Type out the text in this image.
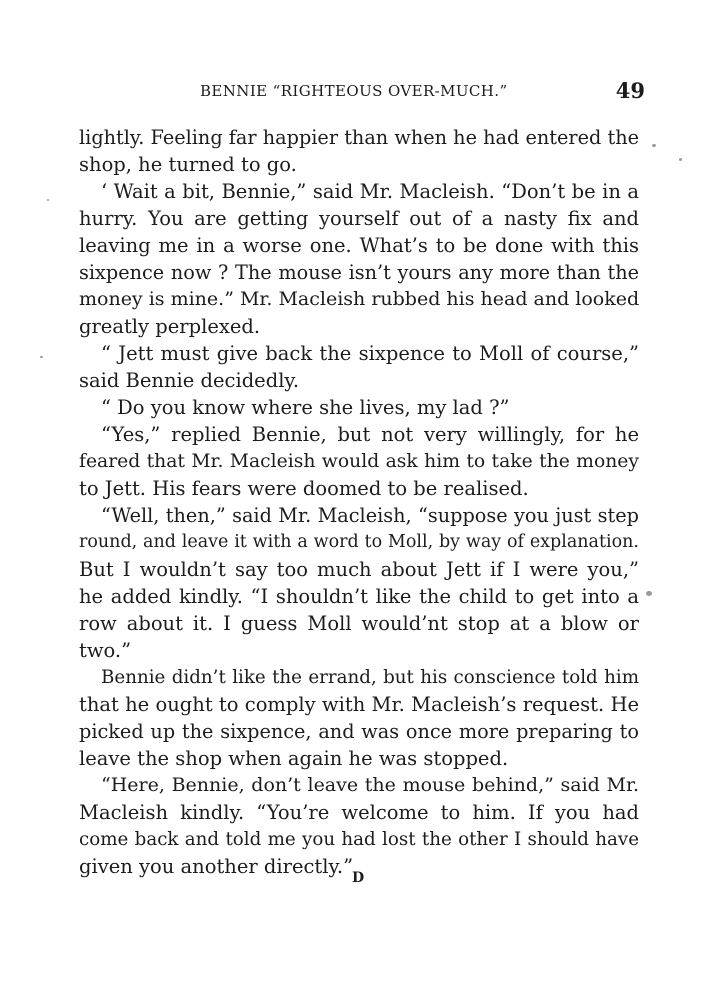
BENNIE “RIGHTEOUS OVER-MUCH.”	49
lightly. Feeling far happier than when he had entered the
shop, he turned to go.
‘ Wait a bit, Bennie,” said Mr. Macleish. “Don’t be in a
hurry. You are getting yourself out of a nasty fix and
leaving me in a worse one. What’s to be done with this
sixpence now ? The mouse isn’t yours any more than the
money is mine.” Mr. Macleish rubbed his head and looked
greatly perplexed.
“ Jett must give back the sixpence to Moll of course,”
said Bennie decidedly.
“ Do you know where she lives, my lad ?”
“Yes,” replied Bennie, but not very willingly, for he
feared that Mr. Macleish would ask him to take the money
to Jett. His fears were doomed to be realised.
“Well, then,” said Mr. Macleish, “suppose you just step
round, and leave it with a word to Moll, by way of explanation.
But I wouldn’t say too much about Jett if I were you,”
he added kindly. “I shouldn’t like the child to get into a
row about it. I guess Moll would’nt stop at a blow or
two.”
Bennie didn’t like the errand, but his conscience told him
that he ought to comply with Mr. Macleish’s request. He
picked up the sixpence, and was once more preparing to
leave the shop when again he was stopped.
“Here, Bennie, don’t leave the mouse behind,” said Mr.
Macleish kindly. “You’re welcome to him. If you had
come back and told me you had lost the other I should have
given you another directly.”
D
